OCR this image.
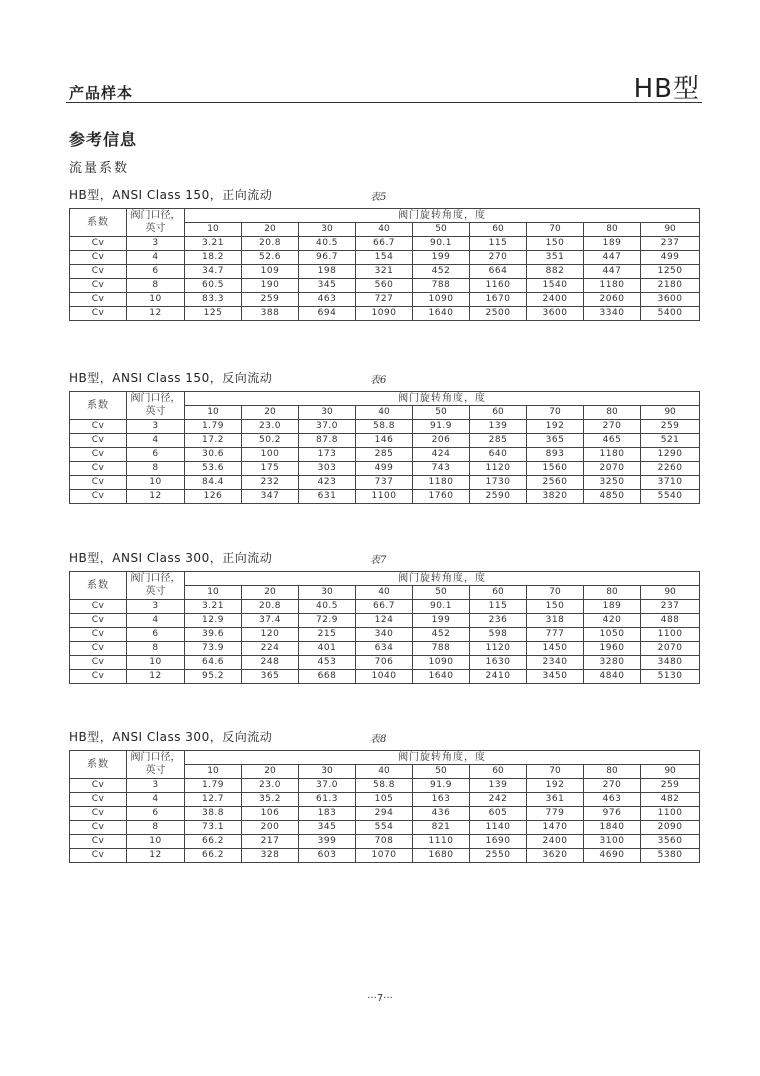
产品样本	HB型
参考信息
流量系数
HB型，ANSI Class 150，正向流动	表5
系数	阀门口径，	阀门旋转角度，度								
	英寸	10	20	30	40	50	60	70	80	90
Cv	3	3.21	20.8	40.5	66.7	90.1	115	150	189	237
Cv	4	18.2	52.6	96.7	154	199	270	351	447	499
Cv	6	34.7	109	198	321	452	664	882	447	1250
Cv	8	60.5	190	345	560	788	1160	1540	1180	2180
Cv	10	83.3	259	463	727	1090	1670	2400	2060	3600
Cv	12	125	388	694	1090	1640	2500	3600	3340	5400
HB型，ANSI Class 150，反向流动	表6
系数	阀门口径，	阀门旋转角度，度								
	英寸	10	20	30	40	50	60	70	80	90
Cv	3	1.79	23.0	37.0	58.8	91.9	139	192	270	259
Cv	4	17.2	50.2	87.8	146	206	285	365	465	521
Cv	6	30.6	100	173	285	424	640	893	1180	1290
Cv	8	53.6	175	303	499	743	1120	1560	2070	2260
Cv	10	84.4	232	423	737	1180	1730	2560	3250	3710
Cv	12	126	347	631	1100	1760	2590	3820	4850	5540
HB型，ANSI Class 300，正向流动	表7
系数	阀门口径，	阀门旋转角度，度								
	英寸	10	20	30	40	50	60	70	80	90
Cv	3	3.21	20.8	40.5	66.7	90.1	115	150	189	237
Cv	4	12.9	37.4	72.9	124	199	236	318	420	488
Cv	6	39.6	120	215	340	452	598	777	1050	1100
Cv	8	73.9	224	401	634	788	1120	1450	1960	2070
Cv	10	64.6	248	453	706	1090	1630	2340	3280	3480
Cv	12	95.2	365	668	1040	1640	2410	3450	4840	5130
HB型，ANSI Class 300，反向流动	表8
系数	阀门口径，	阀门旋转角度，度								
	英寸	10	20	30	40	50	60	70	80	90
Cv	3	1.79	23.0	37.0	58.8	91.9	139	192	270	259
Cv	4	12.7	35.2	61.3	105	163	242	361	463	482
Cv	6	38.8	106	183	294	436	605	779	976	1100
Cv	8	73.1	200	345	554	821	1140	1470	1840	2090
Cv	10	66.2	217	399	708	1110	1690	2400	3100	3560
Cv	12	66.2	328	603	1070	1680	2550	3620	4690	5380
···7···
